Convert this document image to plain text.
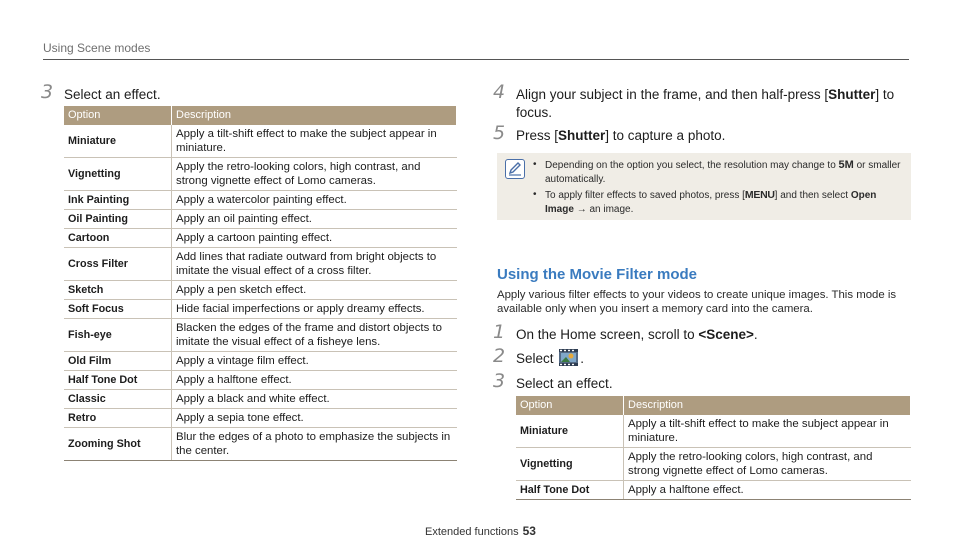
Using Scene modes
3 Select an effect.
Option	Description
Miniature	Apply a tilt-shift effect to make the subject appear in miniature.
Vignetting	Apply the retro-looking colors, high contrast, and strong vignette effect of Lomo cameras.
Ink Painting	Apply a watercolor painting effect.
Oil Painting	Apply an oil painting effect.
Cartoon	Apply a cartoon painting effect.
Cross Filter	Add lines that radiate outward from bright objects to imitate the visual effect of a cross filter.
Sketch	Apply a pen sketch effect.
Soft Focus	Hide facial imperfections or apply dreamy effects.
Fish-eye	Blacken the edges of the frame and distort objects to imitate the visual effect of a fisheye lens.
Old Film	Apply a vintage film effect.
Half Tone Dot	Apply a halftone effect.
Classic	Apply a black and white effect.
Retro	Apply a sepia tone effect.
Zooming Shot	Blur the edges of a photo to emphasize the subjects in the center.
4 Align your subject in the frame, and then half-press [Shutter] to focus.
5 Press [Shutter] to capture a photo.
• Depending on the option you select, the resolution may change to 5M or smaller automatically.
• To apply filter effects to saved photos, press [MENU] and then select Open Image → an image.
Using the Movie Filter mode
Apply various filter effects to your videos to create unique images. This mode is available only when you insert a memory card into the camera.
1 On the Home screen, scroll to <Scene>.
2 Select .
3 Select an effect.
Option	Description
Miniature	Apply a tilt-shift effect to make the subject appear in miniature.
Vignetting	Apply the retro-looking colors, high contrast, and strong vignette effect of Lomo cameras.
Half Tone Dot	Apply a halftone effect.
Extended functions 53
